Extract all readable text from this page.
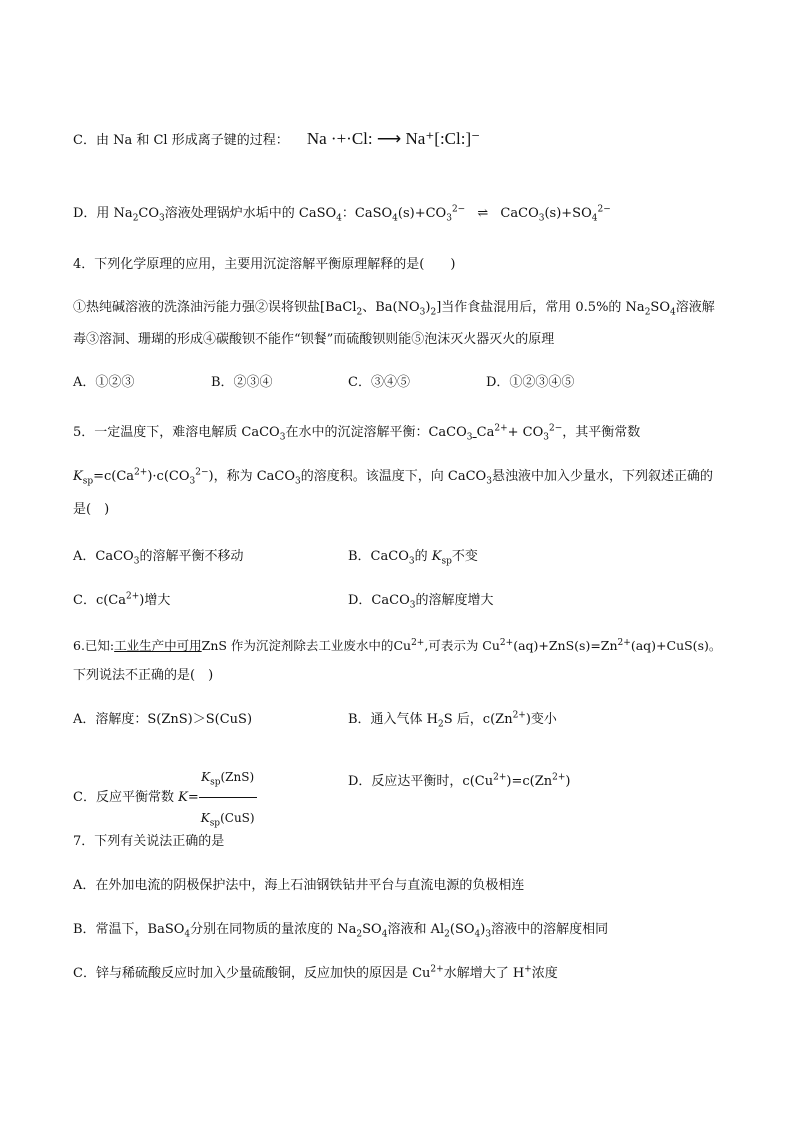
C．由 Na 和 Cl 形成离子键的过程： Na ·+·Cl: ⟶ Na⁺[:Cl:]⁻
D．用 $Na_2CO_3$溶液处理锅炉水垢中的 CaSO$_4$：$CaSO_4(s)+CO_3^{2-}$ ⇌ $CaCO_3(s)+SO_4^{2-}$
4．下列化学原理的应用，主要用沉淀溶解平衡原理解释的是(　　)
①热纯碱溶液的洗涤油污能力强②误将钡盐[BaCl$_2$、$Ba(NO_3)_2$]当作食盐混用后，常用 0.5%的 $Na_2SO_4$溶液解
毒③溶洞、珊瑚的形成④碳酸钡不能作“钡餐”而硫酸钡则能⑤泡沫灭火器灭火的原理
A．①②③	B．②③④	C．③④⑤	D．①②③④⑤
5．一定温度下，难溶电解质 CaCO$_3$在水中的沉淀溶解平衡：CaCO$_3$ $Ca^{2+}+ CO_3^{2-}$，其平衡常数
$K_{sp}=c(Ca^{2+})\cdot c(CO_3^{2-})$，称为 CaCO$_3$的溶度积。该温度下，向 CaCO$_3$悬浊液中加入少量水，下列叙述正确的
是(　)
A．CaCO$_3$的溶解平衡不移动	B．CaCO$_3$的 $K_{sp}$不变
C．$c(Ca^{2+})$增大	D．CaCO$_3$的溶解度增大
6.已知:工业生产中可用ZnS 作为沉淀剂除去工业废水中的$Cu^{2+}$,可表示为 $Cu^{2+}(aq)+ZnS(s)=Zn^{2+}(aq)+CuS(s)$。
下列说法不正确的是(　)
A．溶解度：S(ZnS)＞S(CuS)	B．通入气体 $H_2S$ 后，$c(Zn^{2+})$变小
C．反应平衡常数 $K= \frac{K_{sp}(ZnS)}{K_{sp}(CuS)}$	D．反应达平衡时，$c(Cu^{2+})=c(Zn^{2+})$
7．下列有关说法正确的是
A．在外加电流的阴极保护法中，海上石油钢铁钻井平台与直流电源的负极相连
B．常温下，BaSO$_4$分别在同物质的量浓度的 $Na_2SO_4$溶液和 $Al_2(SO_4)_3$溶液中的溶解度相同
C．锌与稀硫酸反应时加入少量硫酸铜，反应加快的原因是 $Cu^{2+}$水解增大了 H+浓度
